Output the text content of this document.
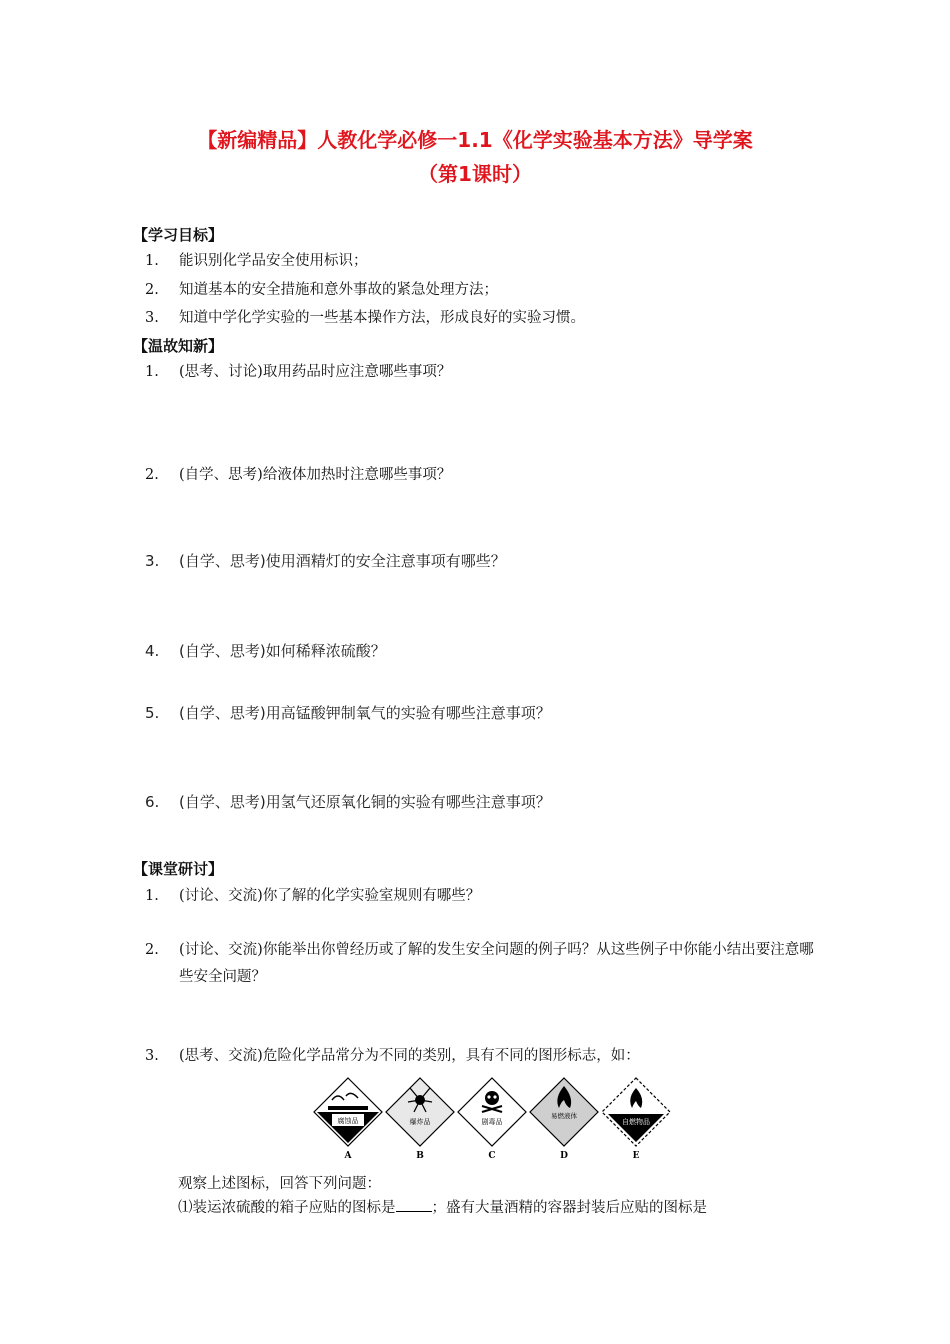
【新编精品】人教化学必修一1.1《化学实验基本方法》导学案
（第1课时）
【学习目标】
1. 能识别化学品安全使用标识；
2. 知道基本的安全措施和意外事故的紧急处理方法；
3. 知道中学化学实验的一些基本操作方法，形成良好的实验习惯。
【温故知新】
1. (思考、讨论)取用药品时应注意哪些事项？
2. (自学、思考)给液体加热时注意哪些事项？
3. (自学、思考)使用酒精灯的安全注意事项有哪些？
4. (自学、思考)如何稀释浓硫酸？
5. (自学、思考)用高锰酸钾制氧气的实验有哪些注意事项？
6. (自学、思考)用氢气还原氧化铜的实验有哪些注意事项？
【课堂研讨】
1. (讨论、交流)你了解的化学实验室规则有哪些？
2. (讨论、交流)你能举出你曾经历或了解的发生安全问题的例子吗？从这些例子中你能小结出要注意哪些安全问题？
3. (思考、交流)危险化学品常分为不同的类别，具有不同的图形标志，如：
腐蚀品
A
爆炸品
B
剧毒品
C
易燃液体
D
自燃物品
E
观察上述图标，回答下列问题：
⑴装运浓硫酸的箱子应贴的图标是 ；盛有大量酒精的容器封装后应贴的图标是
